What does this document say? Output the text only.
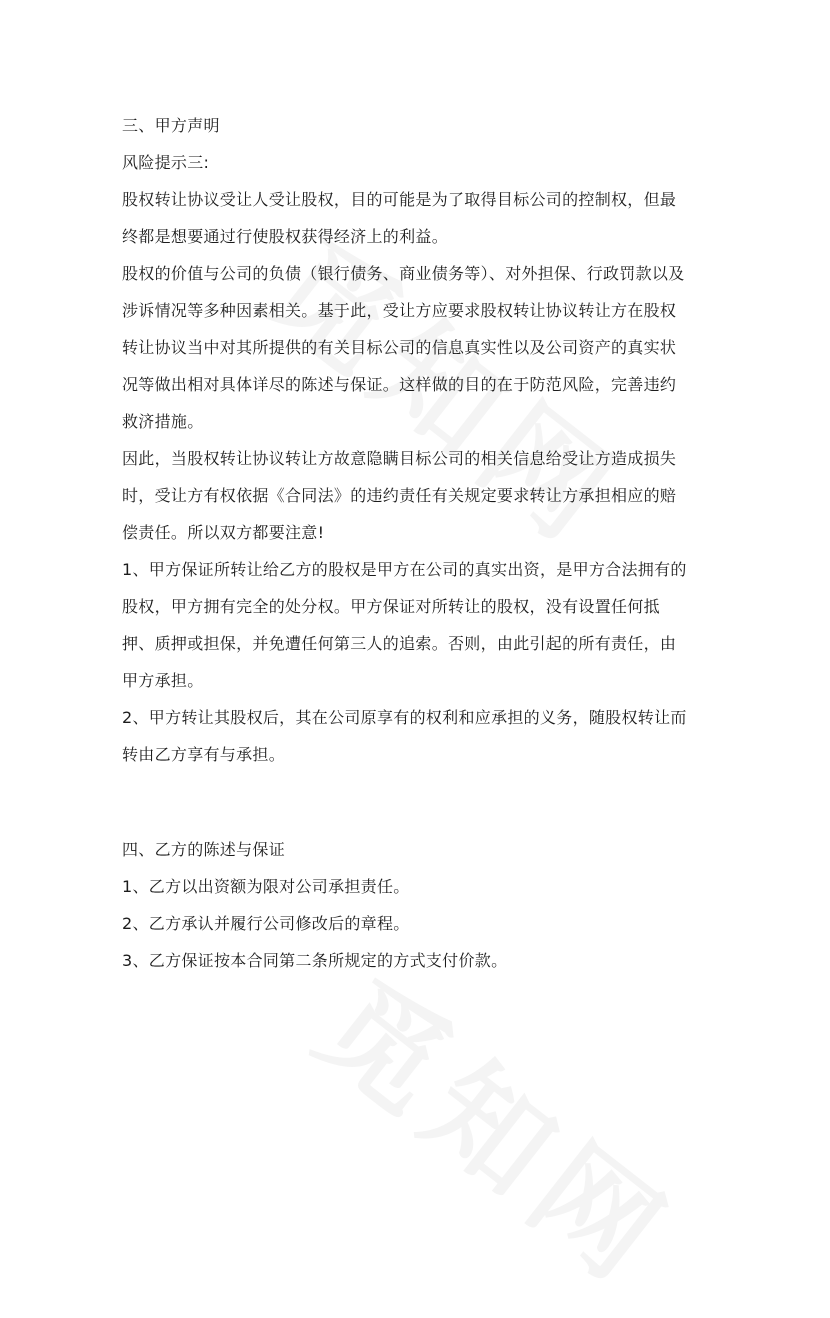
三、甲方声明

风险提示三:

股权转让协议受让人受让股权，目的可能是为了取得目标公司的控制权，但最

终都是想要通过行使股权获得经济上的利益。

股权的价值与公司的负债（银行债务、商业债务等）、对外担保、行政罚款以及

涉诉情况等多种因素相关。基于此，受让方应要求股权转让协议转让方在股权

转让协议当中对其所提供的有关目标公司的信息真实性以及公司资产的真实状

况等做出相对具体详尽的陈述与保证。这样做的目的在于防范风险，完善违约

救济措施。

因此，当股权转让协议转让方故意隐瞒目标公司的相关信息给受让方造成损失

时，受让方有权依据《合同法》的违约责任有关规定要求转让方承担相应的赔

偿责任。所以双方都要注意!

1、甲方保证所转让给乙方的股权是甲方在公司的真实出资，是甲方合法拥有的

股权，甲方拥有完全的处分权。甲方保证对所转让的股权，没有设置任何抵

押、质押或担保，并免遭任何第三人的追索。否则，由此引起的所有责任，由

甲方承担。

2、甲方转让其股权后，其在公司原享有的权利和应承担的义务，随股权转让而

转由乙方享有与承担。

四、乙方的陈述与保证

1、乙方以出资额为限对公司承担责任。

2、乙方承认并履行公司修改后的章程。

3、乙方保证按本合同第二条所规定的方式支付价款。
